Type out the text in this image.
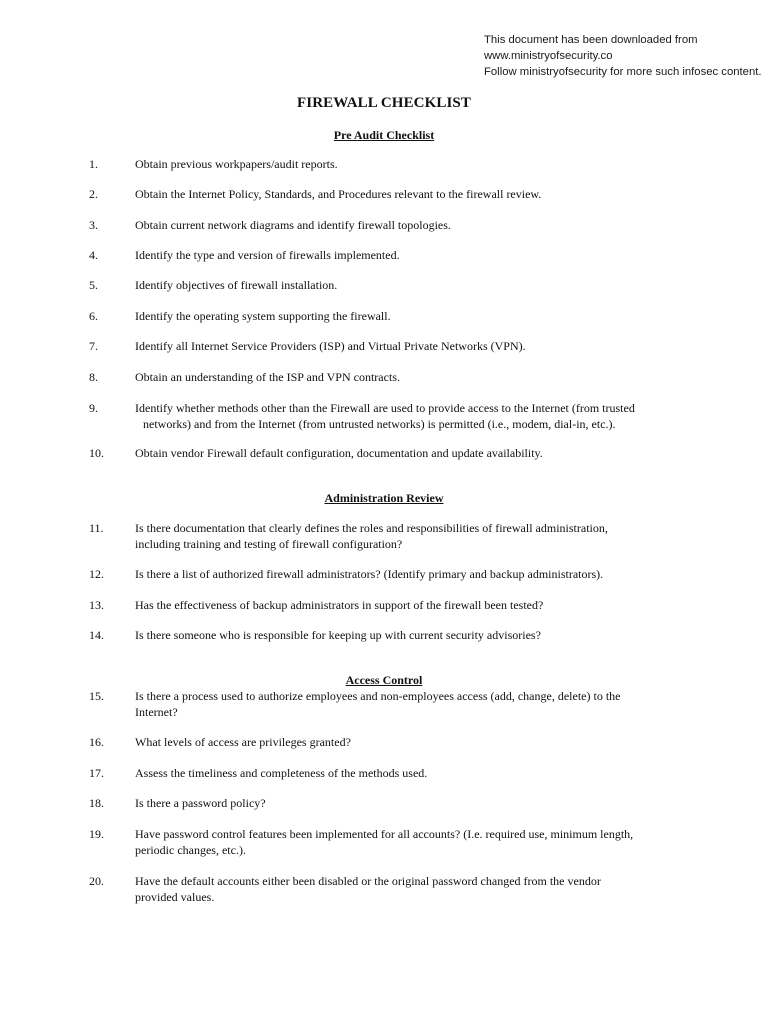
This document has been downloaded from
www.ministryofsecurity.co
Follow ministryofsecurity for more such infosec content.
FIREWALL CHECKLIST
Pre Audit Checklist
Administration Review
Access Control
1.	Obtain previous workpapers/audit reports.
2.	Obtain the Internet Policy, Standards, and Procedures relevant to the firewall review.
3.	Obtain current network diagrams and identify firewall topologies.
4.	Identify the type and version of firewalls implemented.
5.	Identify objectives of firewall installation.
6.	Identify the operating system supporting the firewall.
7.	Identify all Internet Service Providers (ISP) and Virtual Private Networks (VPN).
8.	Obtain an understanding of the ISP and VPN contracts.
9.	Identify whether methods other than the Firewall are used to provide access to the Internet (from trusted
networks) and from the Internet (from untrusted networks) is permitted (i.e., modem, dial-in, etc.).
10.	Obtain vendor Firewall default configuration, documentation and update availability.
11.	Is there documentation that clearly defines the roles and responsibilities of firewall administration,
including training and testing of firewall configuration?
12.	Is there a list of authorized firewall administrators? (Identify primary and backup administrators).
13.	Has the effectiveness of backup administrators in support of the firewall been tested?
14.	Is there someone who is responsible for keeping up with current security advisories?
15.	Is there a process used to authorize employees and non-employees access (add, change, delete) to the
Internet?
16.	What levels of access are privileges granted?
17.	Assess the timeliness and completeness of the methods used.
18.	Is there a password policy?
19.	Have password control features been implemented for all accounts? (I.e. required use, minimum length,
periodic changes, etc.).
20.	Have the default accounts either been disabled or the original password changed from the vendor
provided values.
